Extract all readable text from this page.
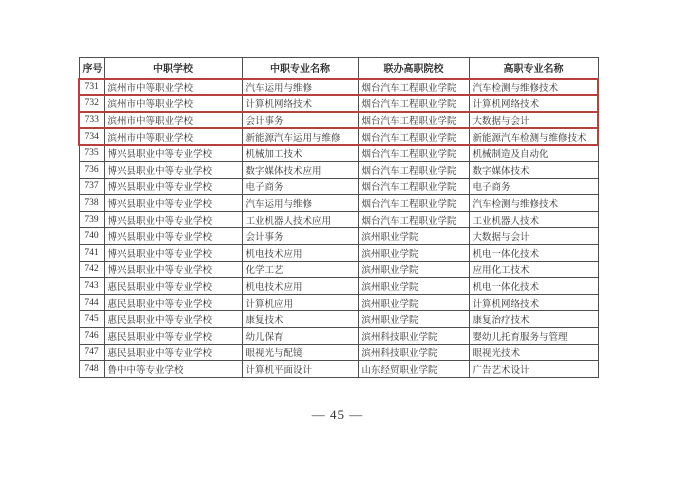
序号	中职学校	中职专业名称	联办高职院校	高职专业名称
731	滨州市中等职业学校	汽车运用与维修	烟台汽车工程职业学院	汽车检测与维修技术
732	滨州市中等职业学校	计算机网络技术	烟台汽车工程职业学院	计算机网络技术
733	滨州市中等职业学校	会计事务	烟台汽车工程职业学院	大数据与会计
734	滨州市中等职业学校	新能源汽车运用与维修	烟台汽车工程职业学院	新能源汽车检测与维修技术
735	博兴县职业中等专业学校	机械加工技术	烟台汽车工程职业学院	机械制造及自动化
736	博兴县职业中等专业学校	数字媒体技术应用	烟台汽车工程职业学院	数字媒体技术
737	博兴县职业中等专业学校	电子商务	烟台汽车工程职业学院	电子商务
738	博兴县职业中等专业学校	汽车运用与维修	烟台汽车工程职业学院	汽车检测与维修技术
739	博兴县职业中等专业学校	工业机器人技术应用	烟台汽车工程职业学院	工业机器人技术
740	博兴县职业中等专业学校	会计事务	滨州职业学院	大数据与会计
741	博兴县职业中等专业学校	机电技术应用	滨州职业学院	机电一体化技术
742	博兴县职业中等专业学校	化学工艺	滨州职业学院	应用化工技术
743	惠民县职业中等专业学校	机电技术应用	滨州职业学院	机电一体化技术
744	惠民县职业中等专业学校	计算机应用	滨州职业学院	计算机网络技术
745	惠民县职业中等专业学校	康复技术	滨州职业学院	康复治疗技术
746	惠民县职业中等专业学校	幼儿保育	滨州科技职业学院	婴幼儿托育服务与管理
747	惠民县职业中等专业学校	眼视光与配镜	滨州科技职业学院	眼视光技术
748	鲁中中等专业学校	计算机平面设计	山东经贸职业学院	广告艺术设计
— 45 —
